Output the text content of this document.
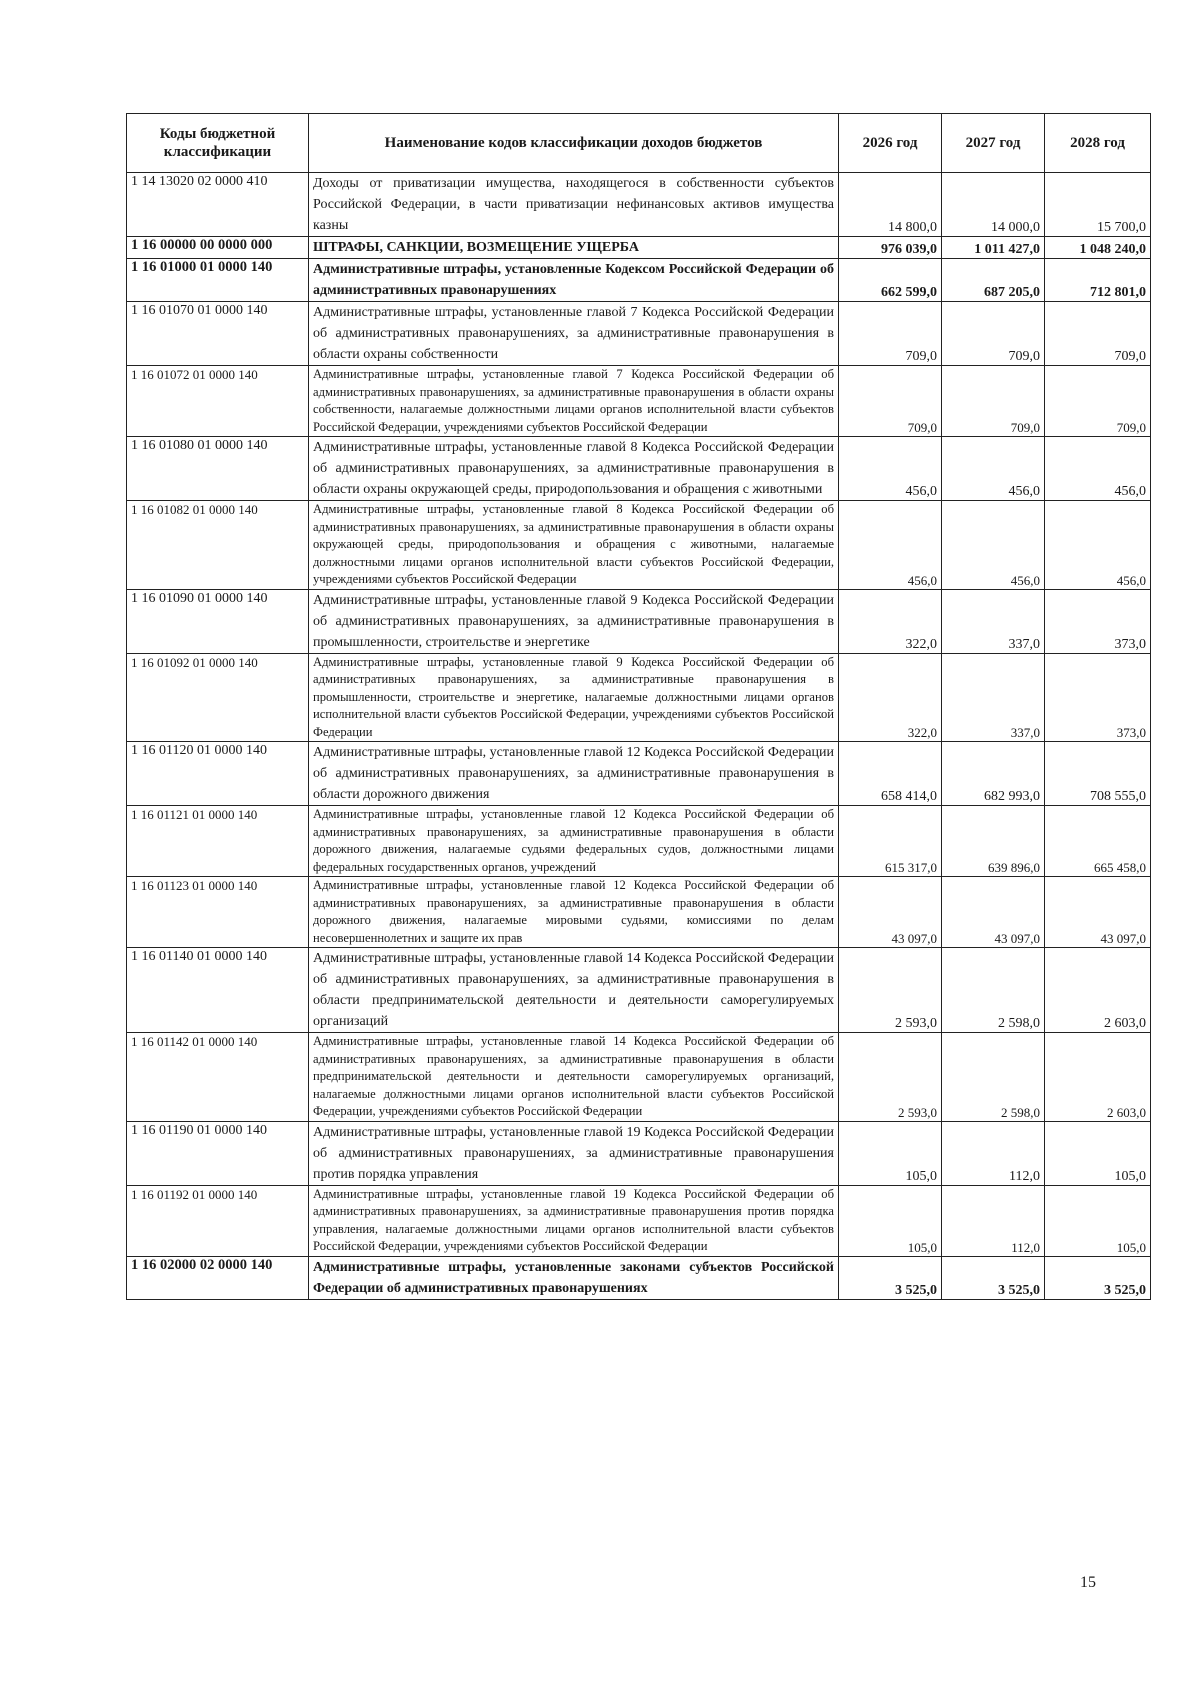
Коды бюджетной классификации	Наименование кодов классификации доходов бюджетов	2026 год	2027 год	2028 год
1 14 13020 02 0000 410	Доходы от приватизации имущества, находящегося в собственности субъектов Российской Федерации, в части приватизации нефинансовых активов имущества казны	14 800,0	14 000,0	15 700,0
1 16 00000 00 0000 000	ШТРАФЫ, САНКЦИИ, ВОЗМЕЩЕНИЕ УЩЕРБА	976 039,0	1 011 427,0	1 048 240,0
1 16 01000 01 0000 140	Административные штрафы, установленные Кодексом Российской Федерации об административных правонарушениях	662 599,0	687 205,0	712 801,0
1 16 01070 01 0000 140	Административные штрафы, установленные главой 7 Кодекса Российской Федерации об административных правонарушениях, за административные правонарушения в области охраны собственности	709,0	709,0	709,0
1 16 01072 01 0000 140	Административные штрафы, установленные главой 7 Кодекса Российской Федерации об административных правонарушениях, за административные правонарушения в области охраны собственности, налагаемые должностными лицами органов исполнительной власти субъектов Российской Федерации, учреждениями субъектов Российской Федерации	709,0	709,0	709,0
1 16 01080 01 0000 140	Административные штрафы, установленные главой 8 Кодекса Российской Федерации об административных правонарушениях, за административные правонарушения в области охраны окружающей среды, природопользования и обращения с животными	456,0	456,0	456,0
1 16 01082 01 0000 140	Административные штрафы, установленные главой 8 Кодекса Российской Федерации об административных правонарушениях, за административные правонарушения в области охраны окружающей среды, природопользования и обращения с животными, налагаемые должностными лицами органов исполнительной власти субъектов Российской Федерации, учреждениями субъектов Российской Федерации	456,0	456,0	456,0
1 16 01090 01 0000 140	Административные штрафы, установленные главой 9 Кодекса Российской Федерации об административных правонарушениях, за административные правонарушения в промышленности, строительстве и энергетике	322,0	337,0	373,0
1 16 01092 01 0000 140	Административные штрафы, установленные главой 9 Кодекса Российской Федерации об административных правонарушениях, за административные правонарушения в промышленности, строительстве и энергетике, налагаемые должностными лицами органов исполнительной власти субъектов Российской Федерации, учреждениями субъектов Российской Федерации	322,0	337,0	373,0
1 16 01120 01 0000 140	Административные штрафы, установленные главой 12 Кодекса Российской Федерации об административных правонарушениях, за административные правонарушения в области дорожного движения	658 414,0	682 993,0	708 555,0
1 16 01121 01 0000 140	Административные штрафы, установленные главой 12 Кодекса Российской Федерации об административных правонарушениях, за административные правонарушения в области дорожного движения, налагаемые судьями федеральных судов, должностными лицами федеральных государственных органов, учреждений	615 317,0	639 896,0	665 458,0
1 16 01123 01 0000 140	Административные штрафы, установленные главой 12 Кодекса Российской Федерации об административных правонарушениях, за административные правонарушения в области дорожного движения, налагаемые мировыми судьями, комиссиями по делам несовершеннолетних и защите их прав	43 097,0	43 097,0	43 097,0
1 16 01140 01 0000 140	Административные штрафы, установленные главой 14 Кодекса Российской Федерации об административных правонарушениях, за административные правонарушения в области предпринимательской деятельности и деятельности саморегулируемых организаций	2 593,0	2 598,0	2 603,0
1 16 01142 01 0000 140	Административные штрафы, установленные главой 14 Кодекса Российской Федерации об административных правонарушениях, за административные правонарушения в области предпринимательской деятельности и деятельности саморегулируемых организаций, налагаемые должностными лицами органов исполнительной власти субъектов Российской Федерации, учреждениями субъектов Российской Федерации	2 593,0	2 598,0	2 603,0
1 16 01190 01 0000 140	Административные штрафы, установленные главой 19 Кодекса Российской Федерации об административных правонарушениях, за административные правонарушения против порядка управления	105,0	112,0	105,0
1 16 01192 01 0000 140	Административные штрафы, установленные главой 19 Кодекса Российской Федерации об административных правонарушениях, за административные правонарушения против порядка управления, налагаемые должностными лицами органов исполнительной власти субъектов Российской Федерации, учреждениями субъектов Российской Федерации	105,0	112,0	105,0
1 16 02000 02 0000 140	Административные штрафы, установленные законами субъектов Российской Федерации об административных правонарушениях	3 525,0	3 525,0	3 525,0
15
